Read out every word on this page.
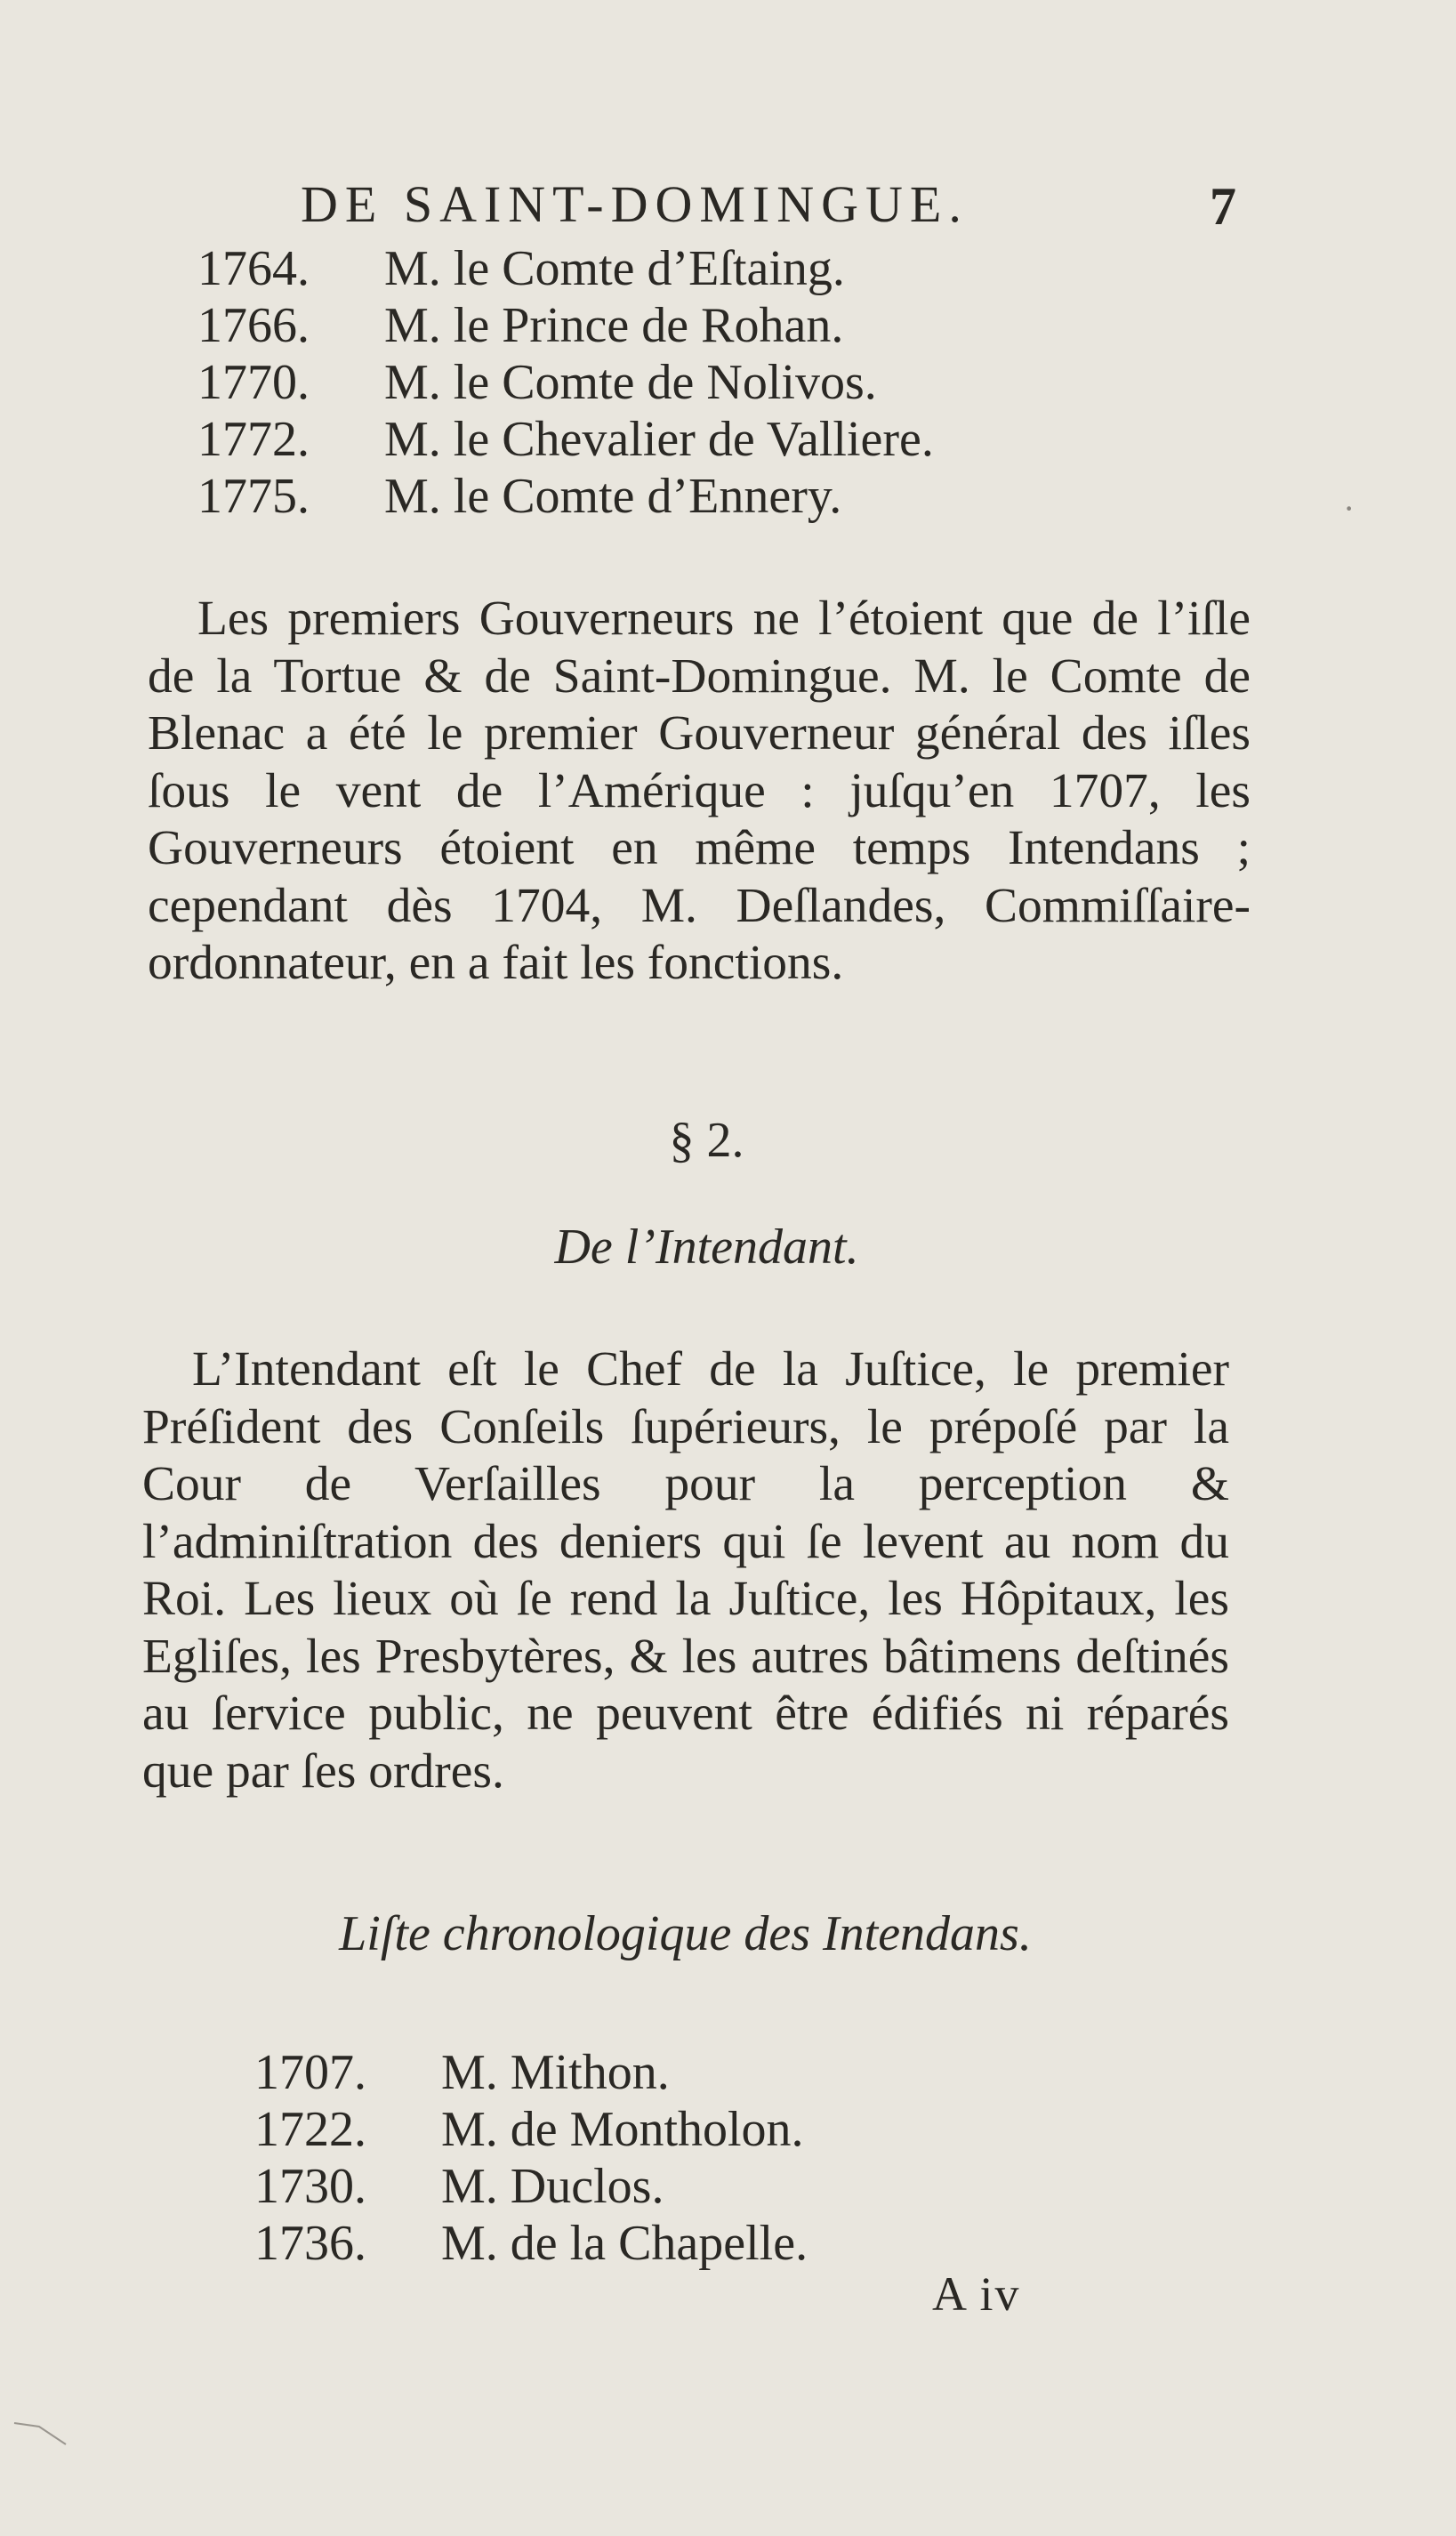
DE SAINT-DOMINGUE.	7
1764. M. le Comte d’Eſtaing.
1766. M. le Prince de Rohan.
1770. M. le Comte de Nolivos.
1772. M. le Chevalier de Valliere.
1775. M. le Comte d’Ennery.
Les premiers Gouverneurs ne l’étoient que de l’iſle de la Tortue & de Saint-Domingue. M. le Comte de Blenac a été le premier Gouverneur général des iſles ſous le vent de l’Amérique : juſqu’en 1707, les Gouverneurs étoient en même temps Intendans ; cependant dès 1704, M. Deſlandes, Commiſſaire-ordonnateur, en a fait les fonctions.
§ 2.
De l’Intendant.
L’Intendant eſt le Chef de la Juſtice, le premier Préſident des Conſeils ſupérieurs, le prépoſé par la Cour de Verſailles pour la perception & l’adminiſtration des deniers qui ſe levent au nom du Roi. Les lieux où ſe rend la Juſtice, les Hôpitaux, les Egliſes, les Presbytères, & les autres bâtimens deſtinés au ſervice public, ne peuvent être édifiés ni réparés que par ſes ordres.
Liſte chronologique des Intendans.
1707. M. Mithon.
1722. M. de Montholon.
1730. M. Duclos.
1736. M. de la Chapelle.
A iv
·
